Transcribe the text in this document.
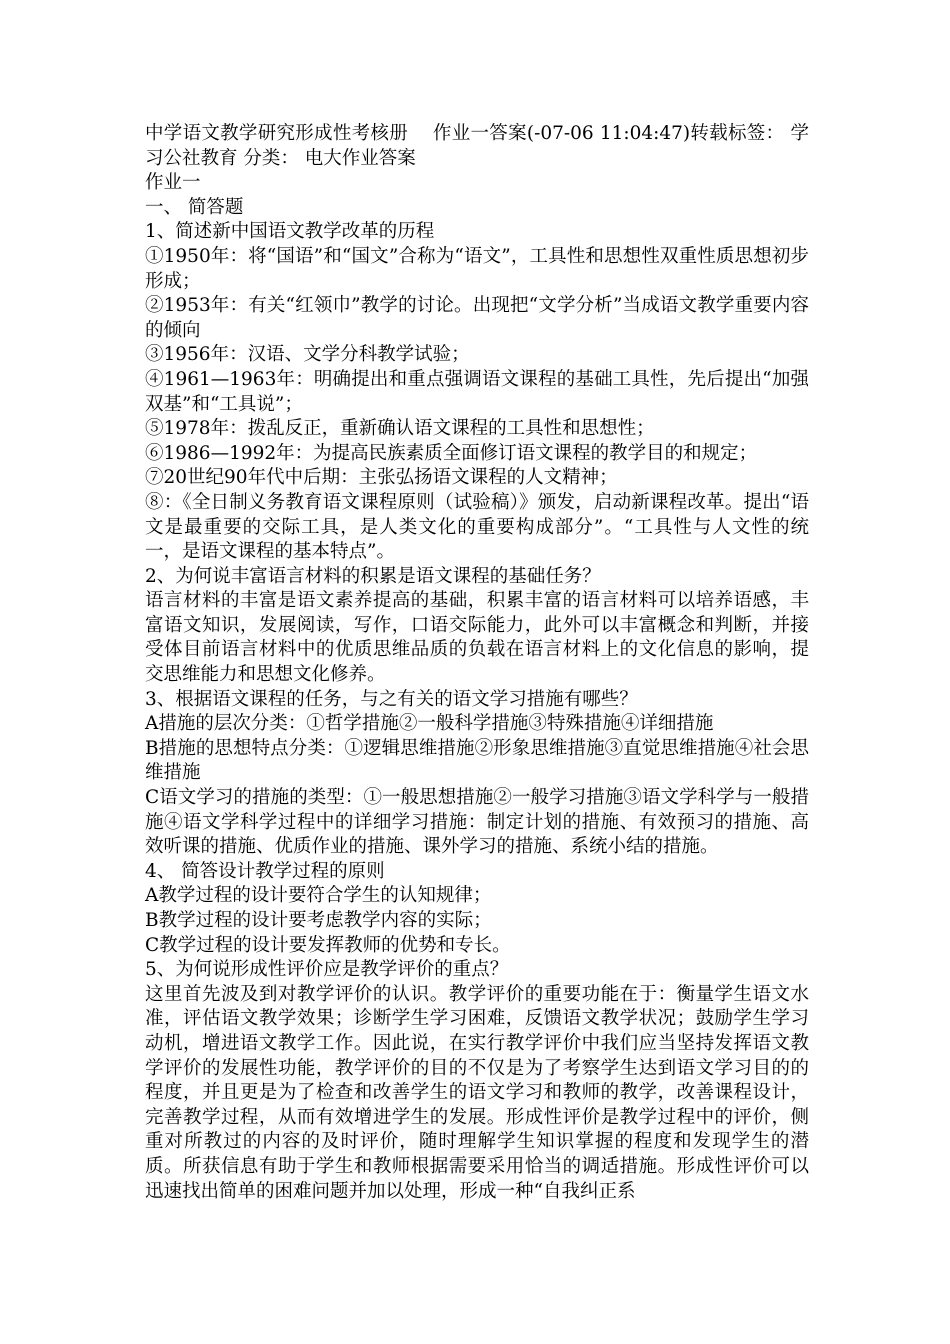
中学语文教学研究形成性考核册　 作业一答案(-07-06 11:04:47)转载标签： 学习公社教育 分类： 电大作业答案

作业一

一、 简答题

1、简述新中国语文教学改革的历程

①1950年：将“国语”和“国文”合称为“语文”，工具性和思想性双重性质思想初步形成；

②1953年：有关“红领巾”教学的讨论。出现把“文学分析”当成语文教学重要内容的倾向

③1956年：汉语、文学分科教学试验；

④1961—1963年：明确提出和重点强调语文课程的基础工具性，先后提出“加强双基”和“工具说”；

⑤1978年：拨乱反正，重新确认语文课程的工具性和思想性；

⑥1986—1992年：为提高民族素质全面修订语文课程的教学目的和规定；

⑦20世纪90年代中后期：主张弘扬语文课程的人文精神；

⑧：《全日制义务教育语文课程原则（试验稿）》颁发，启动新课程改革。提出“语文是最重要的交际工具，是人类文化的重要构成部分”。“工具性与人文性的统一，是语文课程的基本特点”。

2、为何说丰富语言材料的积累是语文课程的基础任务？

语言材料的丰富是语文素养提高的基础，积累丰富的语言材料可以培养语感，丰富语文知识，发展阅读，写作，口语交际能力，此外可以丰富概念和判断，并接受体目前语言材料中的优质思维品质的负载在语言材料上的文化信息的影响，提交思维能力和思想文化修养。

3、根据语文课程的任务，与之有关的语文学习措施有哪些？

A措施的层次分类：①哲学措施②一般科学措施③特殊措施④详细措施

B措施的思想特点分类：①逻辑思维措施②形象思维措施③直觉思维措施④社会思维措施

C语文学习的措施的类型：①一般思想措施②一般学习措施③语文学科学与一般措施④语文学科学过程中的详细学习措施：制定计划的措施、有效预习的措施、高效听课的措施、优质作业的措施、课外学习的措施、系统小结的措施。

4、 简答设计教学过程的原则

A教学过程的设计要符合学生的认知规律；

B教学过程的设计要考虑教学内容的实际；

C教学过程的设计要发挥教师的优势和专长。

5、为何说形成性评价应是教学评价的重点？

这里首先波及到对教学评价的认识。教学评价的重要功能在于：衡量学生语文水准，评估语文教学效果；诊断学生学习困难，反馈语文教学状况；鼓励学生学习动机，增进语文教学工作。因此说，在实行教学评价中我们应当坚持发挥语文教学评价的发展性功能，教学评价的目的不仅是为了考察学生达到语文学习目的的程度，并且更是为了检查和改善学生的语文学习和教师的教学，改善课程设计，完善教学过程，从而有效增进学生的发展。形成性评价是教学过程中的评价，侧重对所教过的内容的及时评价，随时理解学生知识掌握的程度和发现学生的潜质。所获信息有助于学生和教师根据需要采用恰当的调适措施。形成性评价可以迅速找出简单的困难问题并加以处理，形成一种“自我纠正系
